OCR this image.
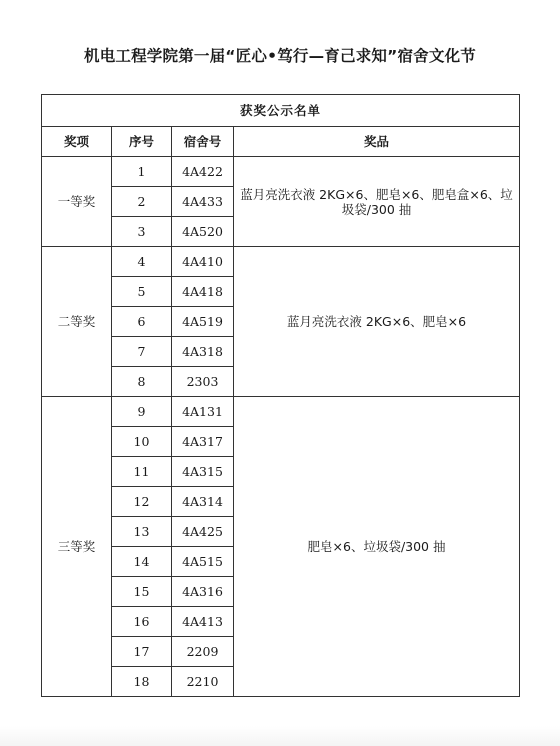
机电工程学院第一届“匠心•笃行—育己求知”宿舍文化节
获奖公示名单			
奖项	序号	宿舍号	奖品
一等奖	1	4A422	蓝月亮洗衣液 2KG×6、肥皂×6、肥皂盒×6、垃圾袋/300 抽
	2	4A433	
	3	4A520	
二等奖	4	4A410	蓝月亮洗衣液 2KG×6、肥皂×6
	5	4A418	
	6	4A519	
	7	4A318	
	8	2303	
三等奖	9	4A131	肥皂×6、垃圾袋/300 抽
	10	4A317	
	11	4A315	
	12	4A314	
	13	4A425	
	14	4A515	
	15	4A316	
	16	4A413	
	17	2209	
	18	2210	
